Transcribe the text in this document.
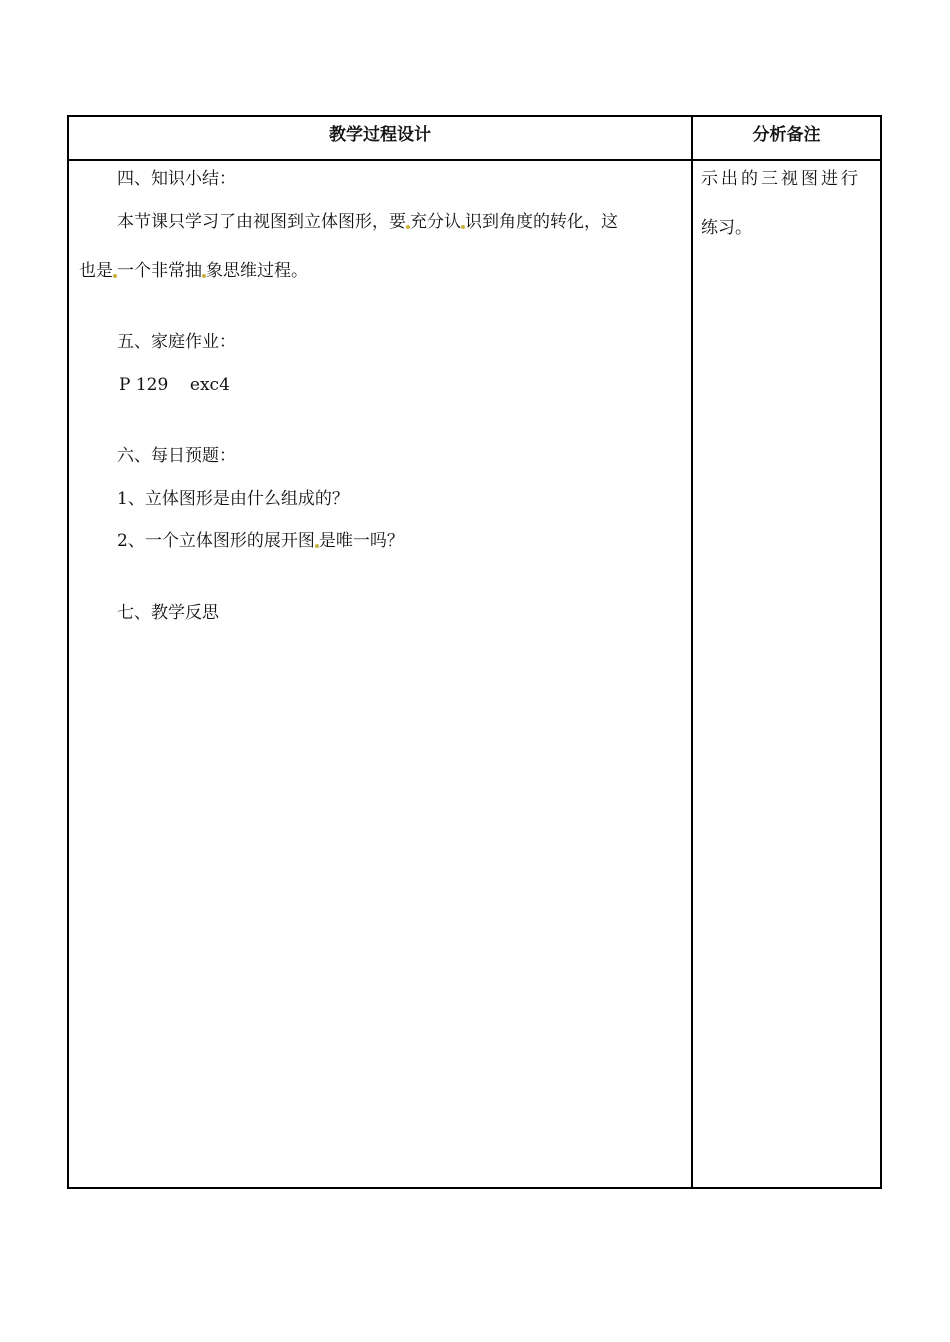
教学过程设计	分析备注
四、知识小结：
本节课只学习了由视图到立体图形，要 充分认 识到角度的转化，这
也是 一个非常抽 象思维过程。
五、家庭作业：
P 129    exc4
六、每日预题：
1、立体图形是由什么组成的？
2、一个立体图形的展开图 是唯一吗？
七、教学反思
示出的三视图进行
练习。
